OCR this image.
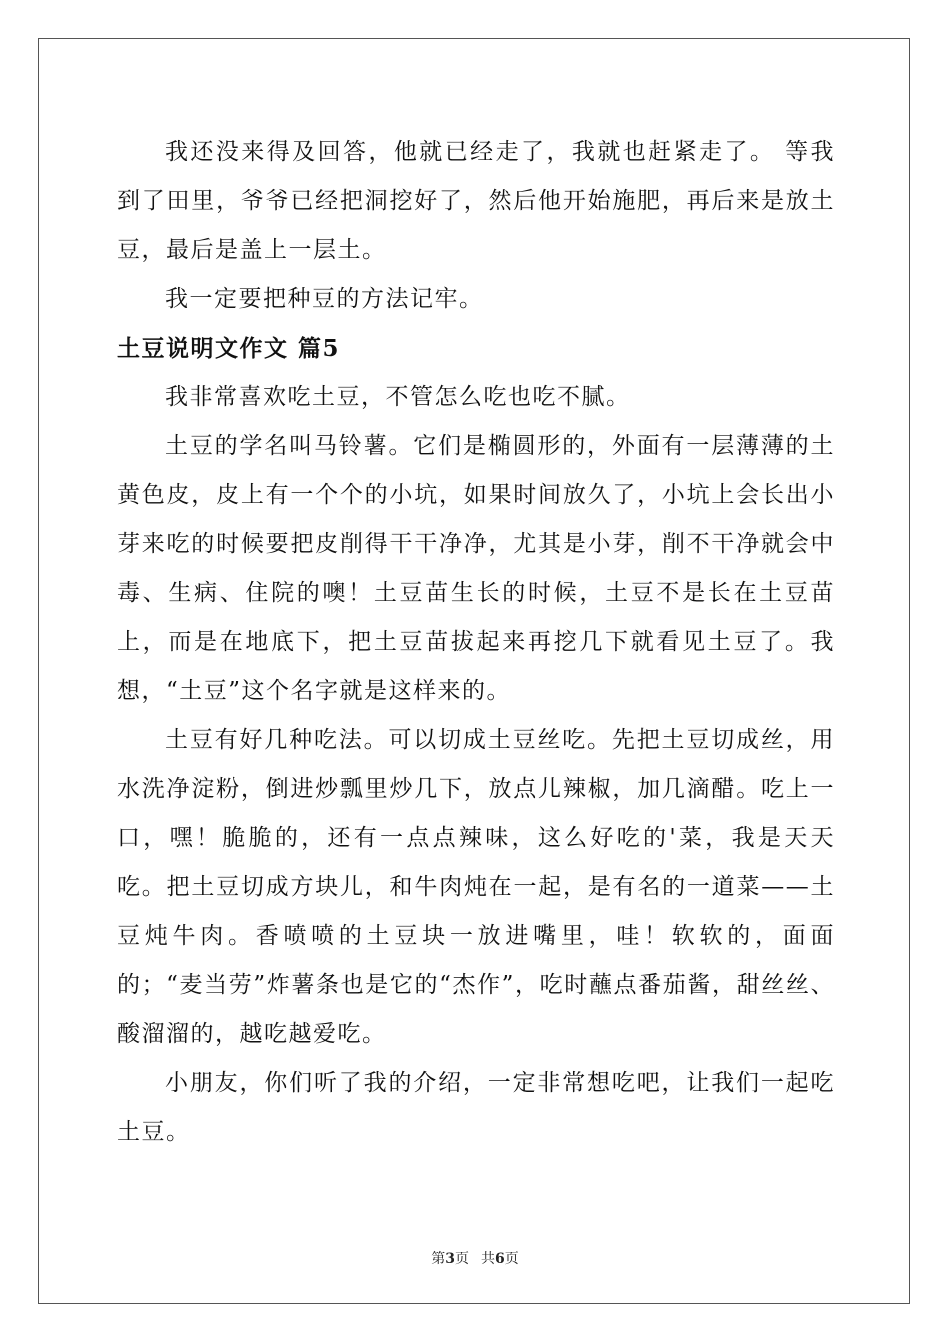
我还没来得及回答，他就已经走了，我就也赶紧走了。 等我到了田里，爷爷已经把洞挖好了，然后他开始施肥，再后来是放土豆，最后是盖上一层土。

我一定要把种豆的方法记牢。

土豆说明文作文 篇5

我非常喜欢吃土豆，不管怎么吃也吃不腻。

土豆的学名叫马铃薯。它们是椭圆形的，外面有一层薄薄的土黄色皮，皮上有一个个的小坑，如果时间放久了，小坑上会长出小芽来吃的时候要把皮削得干干净净，尤其是小芽，削不干净就会中毒、生病、住院的噢！土豆苗生长的时候，土豆不是长在土豆苗上，而是在地底下，把土豆苗拔起来再挖几下就看见土豆了。我想，“土豆”这个名字就是这样来的。

土豆有好几种吃法。可以切成土豆丝吃。先把土豆切成丝，用水洗净淀粉，倒进炒瓢里炒几下，放点儿辣椒，加几滴醋。吃上一口，嘿！脆脆的，还有一点点辣味，这么好吃的'菜，我是天天吃。把土豆切成方块儿，和牛肉炖在一起，是有名的一道菜——土豆炖牛肉。香喷喷的土豆块一放进嘴里，哇！软软的，面面的；“麦当劳”炸薯条也是它的“杰作”，吃时蘸点番茄酱，甜丝丝、酸溜溜的，越吃越爱吃。

小朋友，你们听了我的介绍，一定非常想吃吧，让我们一起吃土豆。

第3页 共6页
